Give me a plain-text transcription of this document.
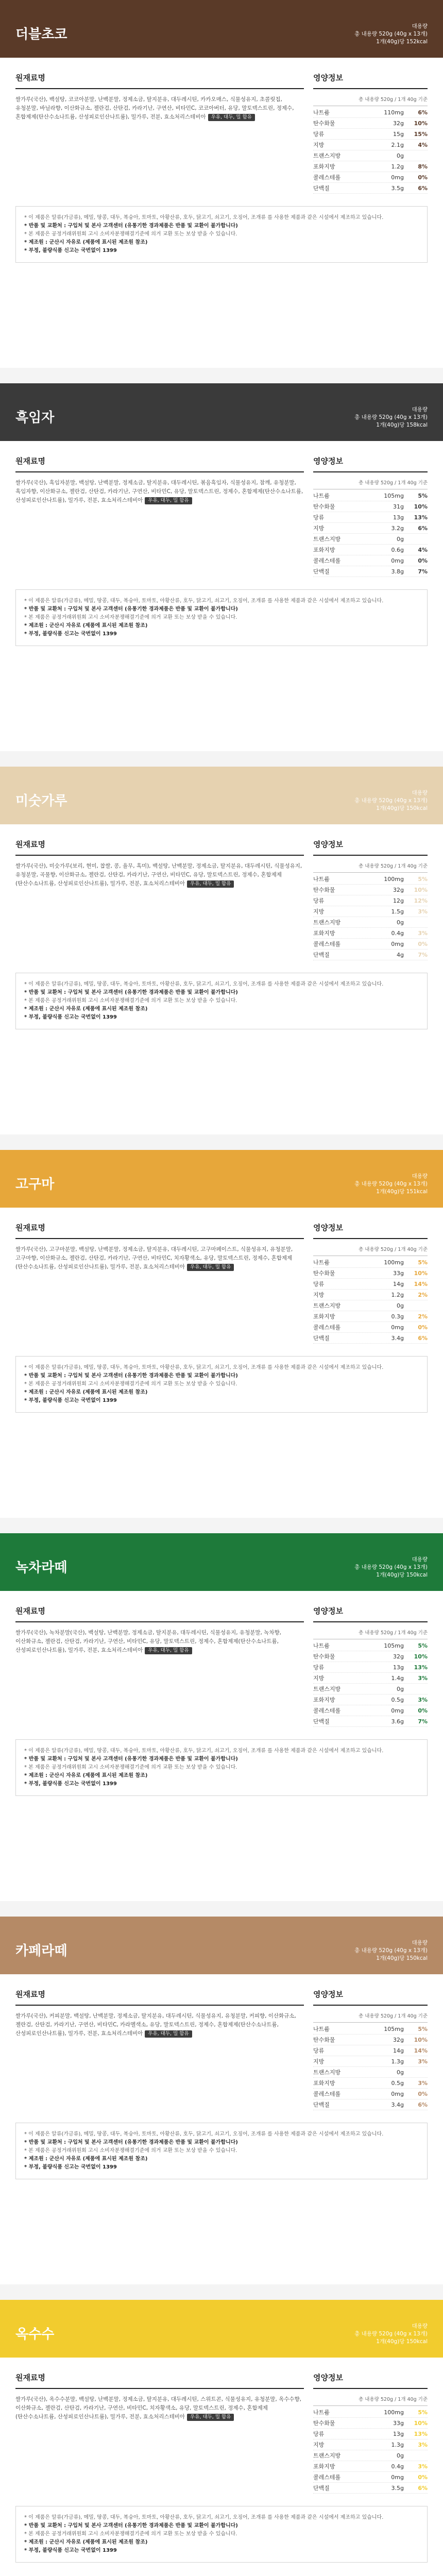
더블초코
대용량
총 내용량 520g (40g x 13개)
1개(40g)당 152kcal
원재료명
쌀가루(국산), 백설탕, 코코아분말, 난백분말, 정제소금, 탈지분유, 대두레시틴, 카카오매스, 식물성유지, 초콜릿칩, 유청분말, 바닐라향, 이산화규소, 젤란검, 산탄검, 카라기난, 구연산, 비타민C, 코코아버터, 유당, 말토덱스트린, 정제수, 혼합제제(탄산수소나트륨, 산성피로인산나트륨), 밀가루, 전분, 효소처리스테비아 우유, 대두, 밀 함유
영양정보
총 내용량 520g / 1개 40g 기준
나트륨	110mg	6%
탄수화물	32g	10%
당류	15g	15%
지방	2.1g	4%
트랜스지방	0g
포화지방	1.2g	8%
콜레스테롤	0mg	0%
단백질	3.5g	6%
* 이 제품은 알류(가금류), 메밀, 땅콩, 대두, 복숭아, 토마토, 아황산류, 호두, 닭고기, 쇠고기, 오징어, 조개류 를 사용한 제품과 같은 시설에서 제조하고 있습니다.
* 반품 및 교환처 : 구입처 및 본사 고객센터 (유통기한 경과제품은 반품 및 교환이 불가합니다)
* 본 제품은 공정거래위원회 고시 소비자분쟁해결기준에 의거 교환 또는 보상 받을 수 있습니다.
* 제조원 : 군산시 자유로 (제품에 표시된 제조원 참조)
* 부정, 불량식품 신고는 국번없이 1399
흑임자
대용량
총 내용량 520g (40g x 13개)
1개(40g)당 158kcal
원재료명
쌀가루(국산), 흑임자분말, 백설탕, 난백분말, 정제소금, 탈지분유, 대두레시틴, 볶음흑임자, 식물성유지, 참깨, 유청분말, 흑임자향, 이산화규소, 젤란검, 산탄검, 카라기난, 구연산, 비타민C, 유당, 말토덱스트린, 정제수, 혼합제제(탄산수소나트륨, 산성피로인산나트륨), 밀가루, 전분, 효소처리스테비아 우유, 대두, 밀 함유
영양정보
총 내용량 520g / 1개 40g 기준
나트륨	105mg	5%
탄수화물	31g	10%
당류	13g	13%
지방	3.2g	6%
트랜스지방	0g
포화지방	0.6g	4%
콜레스테롤	0mg	0%
단백질	3.8g	7%
* 이 제품은 알류(가금류), 메밀, 땅콩, 대두, 복숭아, 토마토, 아황산류, 호두, 닭고기, 쇠고기, 오징어, 조개류 를 사용한 제품과 같은 시설에서 제조하고 있습니다.
* 반품 및 교환처 : 구입처 및 본사 고객센터 (유통기한 경과제품은 반품 및 교환이 불가합니다)
* 본 제품은 공정거래위원회 고시 소비자분쟁해결기준에 의거 교환 또는 보상 받을 수 있습니다.
* 제조원 : 군산시 자유로 (제품에 표시된 제조원 참조)
* 부정, 불량식품 신고는 국번없이 1399
미숫가루
대용량
총 내용량 520g (40g x 13개)
1개(40g)당 150kcal
원재료명
쌀가루(국산), 미숫가루(보리, 현미, 찹쌀, 콩, 율무, 흑미), 백설탕, 난백분말, 정제소금, 탈지분유, 대두레시틴, 식물성유지, 유청분말, 곡물향, 이산화규소, 젤란검, 산탄검, 카라기난, 구연산, 비타민C, 유당, 말토덱스트린, 정제수, 혼합제제(탄산수소나트륨, 산성피로인산나트륨), 밀가루, 전분, 효소처리스테비아 우유, 대두, 밀 함유
영양정보
총 내용량 520g / 1개 40g 기준
나트륨	100mg	5%
탄수화물	32g	10%
당류	12g	12%
지방	1.5g	3%
트랜스지방	0g
포화지방	0.4g	3%
콜레스테롤	0mg	0%
단백질	4g	7%
* 이 제품은 알류(가금류), 메밀, 땅콩, 대두, 복숭아, 토마토, 아황산류, 호두, 닭고기, 쇠고기, 오징어, 조개류 를 사용한 제품과 같은 시설에서 제조하고 있습니다.
* 반품 및 교환처 : 구입처 및 본사 고객센터 (유통기한 경과제품은 반품 및 교환이 불가합니다)
* 본 제품은 공정거래위원회 고시 소비자분쟁해결기준에 의거 교환 또는 보상 받을 수 있습니다.
* 제조원 : 군산시 자유로 (제품에 표시된 제조원 참조)
* 부정, 불량식품 신고는 국번없이 1399
고구마
대용량
총 내용량 520g (40g x 13개)
1개(40g)당 151kcal
원재료명
쌀가루(국산), 고구마분말, 백설탕, 난백분말, 정제소금, 탈지분유, 대두레시틴, 고구마페이스트, 식물성유지, 유청분말, 고구마향, 이산화규소, 젤란검, 산탄검, 카라기난, 구연산, 비타민C, 치자황색소, 유당, 말토덱스트린, 정제수, 혼합제제(탄산수소나트륨, 산성피로인산나트륨), 밀가루, 전분, 효소처리스테비아 우유, 대두, 밀 함유
영양정보
총 내용량 520g / 1개 40g 기준
나트륨	100mg	5%
탄수화물	33g	10%
당류	14g	14%
지방	1.2g	2%
트랜스지방	0g
포화지방	0.3g	2%
콜레스테롤	0mg	0%
단백질	3.4g	6%
* 이 제품은 알류(가금류), 메밀, 땅콩, 대두, 복숭아, 토마토, 아황산류, 호두, 닭고기, 쇠고기, 오징어, 조개류 를 사용한 제품과 같은 시설에서 제조하고 있습니다.
* 반품 및 교환처 : 구입처 및 본사 고객센터 (유통기한 경과제품은 반품 및 교환이 불가합니다)
* 본 제품은 공정거래위원회 고시 소비자분쟁해결기준에 의거 교환 또는 보상 받을 수 있습니다.
* 제조원 : 군산시 자유로 (제품에 표시된 제조원 참조)
* 부정, 불량식품 신고는 국번없이 1399
녹차라떼
대용량
총 내용량 520g (40g x 13개)
1개(40g)당 150kcal
원재료명
쌀가루(국산), 녹차분말(국산), 백설탕, 난백분말, 정제소금, 탈지분유, 대두레시틴, 식물성유지, 유청분말, 녹차향, 이산화규소, 젤란검, 산탄검, 카라기난, 구연산, 비타민C, 유당, 말토덱스트린, 정제수, 혼합제제(탄산수소나트륨, 산성피로인산나트륨), 밀가루, 전분, 효소처리스테비아 우유, 대두, 밀 함유
영양정보
총 내용량 520g / 1개 40g 기준
나트륨	105mg	5%
탄수화물	32g	10%
당류	13g	13%
지방	1.4g	3%
트랜스지방	0g
포화지방	0.5g	3%
콜레스테롤	0mg	0%
단백질	3.6g	7%
* 이 제품은 알류(가금류), 메밀, 땅콩, 대두, 복숭아, 토마토, 아황산류, 호두, 닭고기, 쇠고기, 오징어, 조개류 를 사용한 제품과 같은 시설에서 제조하고 있습니다.
* 반품 및 교환처 : 구입처 및 본사 고객센터 (유통기한 경과제품은 반품 및 교환이 불가합니다)
* 본 제품은 공정거래위원회 고시 소비자분쟁해결기준에 의거 교환 또는 보상 받을 수 있습니다.
* 제조원 : 군산시 자유로 (제품에 표시된 제조원 참조)
* 부정, 불량식품 신고는 국번없이 1399
카페라떼
대용량
총 내용량 520g (40g x 13개)
1개(40g)당 150kcal
원재료명
쌀가루(국산), 커피분말, 백설탕, 난백분말, 정제소금, 탈지분유, 대두레시틴, 식물성유지, 유청분말, 커피향, 이산화규소, 젤란검, 산탄검, 카라기난, 구연산, 비타민C, 카라멜색소, 유당, 말토덱스트린, 정제수, 혼합제제(탄산수소나트륨, 산성피로인산나트륨), 밀가루, 전분, 효소처리스테비아 우유, 대두, 밀 함유
영양정보
총 내용량 520g / 1개 40g 기준
나트륨	105mg	5%
탄수화물	32g	10%
당류	14g	14%
지방	1.3g	3%
트랜스지방	0g
포화지방	0.5g	3%
콜레스테롤	0mg	0%
단백질	3.4g	6%
* 이 제품은 알류(가금류), 메밀, 땅콩, 대두, 복숭아, 토마토, 아황산류, 호두, 닭고기, 쇠고기, 오징어, 조개류 를 사용한 제품과 같은 시설에서 제조하고 있습니다.
* 반품 및 교환처 : 구입처 및 본사 고객센터 (유통기한 경과제품은 반품 및 교환이 불가합니다)
* 본 제품은 공정거래위원회 고시 소비자분쟁해결기준에 의거 교환 또는 보상 받을 수 있습니다.
* 제조원 : 군산시 자유로 (제품에 표시된 제조원 참조)
* 부정, 불량식품 신고는 국번없이 1399
옥수수
대용량
총 내용량 520g (40g x 13개)
1개(40g)당 150kcal
원재료명
쌀가루(국산), 옥수수분말, 백설탕, 난백분말, 정제소금, 탈지분유, 대두레시틴, 스위트콘, 식물성유지, 유청분말, 옥수수향, 이산화규소, 젤란검, 산탄검, 카라기난, 구연산, 비타민C, 치자황색소, 유당, 말토덱스트린, 정제수, 혼합제제(탄산수소나트륨, 산성피로인산나트륨), 밀가루, 전분, 효소처리스테비아 우유, 대두, 밀 함유
영양정보
총 내용량 520g / 1개 40g 기준
나트륨	100mg	5%
탄수화물	33g	10%
당류	13g	13%
지방	1.3g	3%
트랜스지방	0g
포화지방	0.4g	3%
콜레스테롤	0mg	0%
단백질	3.5g	6%
* 이 제품은 알류(가금류), 메밀, 땅콩, 대두, 복숭아, 토마토, 아황산류, 호두, 닭고기, 쇠고기, 오징어, 조개류 를 사용한 제품과 같은 시설에서 제조하고 있습니다.
* 반품 및 교환처 : 구입처 및 본사 고객센터 (유통기한 경과제품은 반품 및 교환이 불가합니다)
* 본 제품은 공정거래위원회 고시 소비자분쟁해결기준에 의거 교환 또는 보상 받을 수 있습니다.
* 제조원 : 군산시 자유로 (제품에 표시된 제조원 참조)
* 부정, 불량식품 신고는 국번없이 1399
